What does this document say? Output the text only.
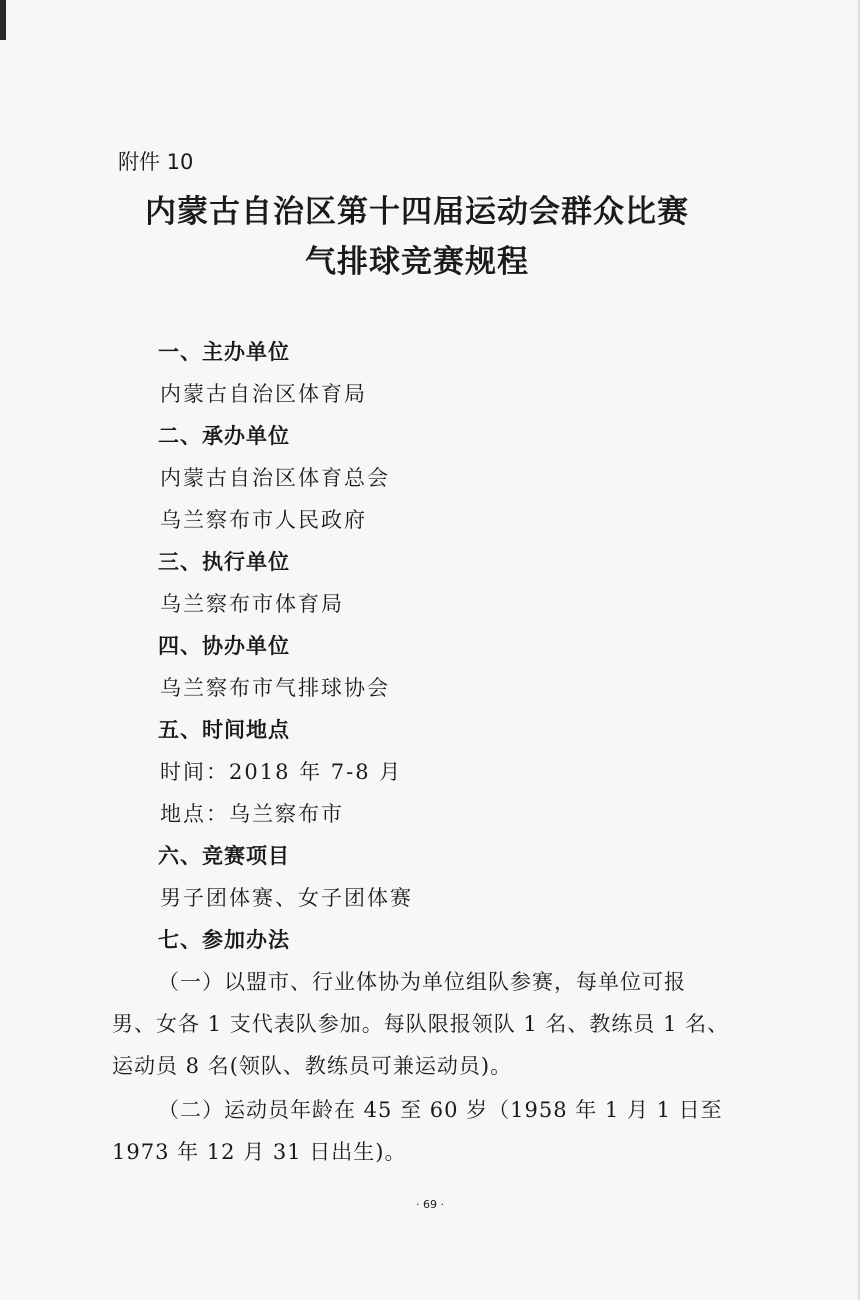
附件 10
内蒙古自治区第十四届运动会群众比赛
气排球竞赛规程
一、主办单位
内蒙古自治区体育局
二、承办单位
内蒙古自治区体育总会
乌兰察布市人民政府
三、执行单位
乌兰察布市体育局
四、协办单位
乌兰察布市气排球协会
五、时间地点
时间：2018 年 7-8 月
地点：乌兰察布市
六、竞赛项目
男子团体赛、女子团体赛
七、参加办法
（一）以盟市、行业体协为单位组队参赛，每单位可报
男、女各 1 支代表队参加。每队限报领队 1 名、教练员 1 名、
运动员 8 名(领队、教练员可兼运动员)。
（二）运动员年龄在 45 至 60 岁（1958 年 1 月 1 日至
1973 年 12 月 31 日出生)。
· 69 ·
